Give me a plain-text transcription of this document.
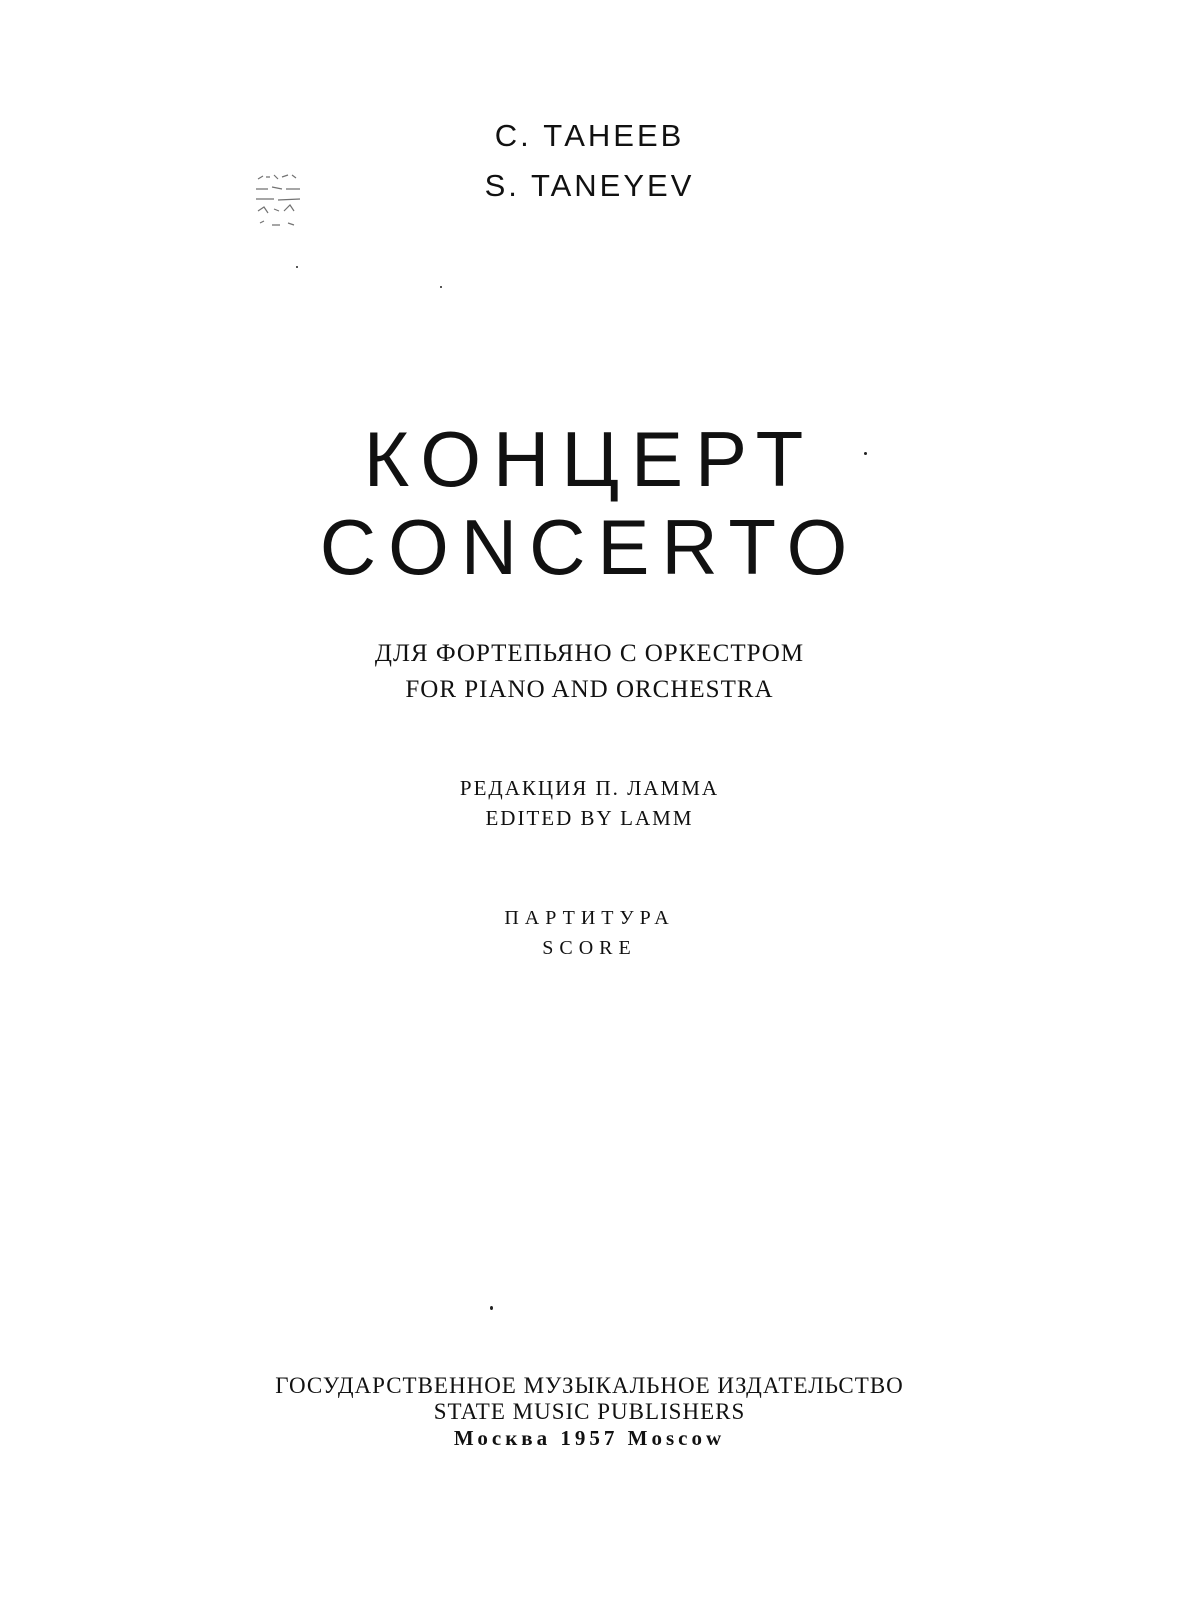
С. ТАНЕЕВ
S. TANEYEV
КОНЦЕРТ
CONCERTO
ДЛЯ ФОРТЕПЬЯНО С ОРКЕСТРОМ
FOR PIANO AND ORCHESTRA
РЕДАКЦИЯ П. ЛАММА
EDITED BY LAMM
ПАРТИТУРА
SCORE
ГОСУДАРСТВЕННОЕ МУЗЫКАЛЬНОЕ ИЗДАТЕЛЬСТВО
STATE MUSIC PUBLISHERS
Москва 1957 Moscow
